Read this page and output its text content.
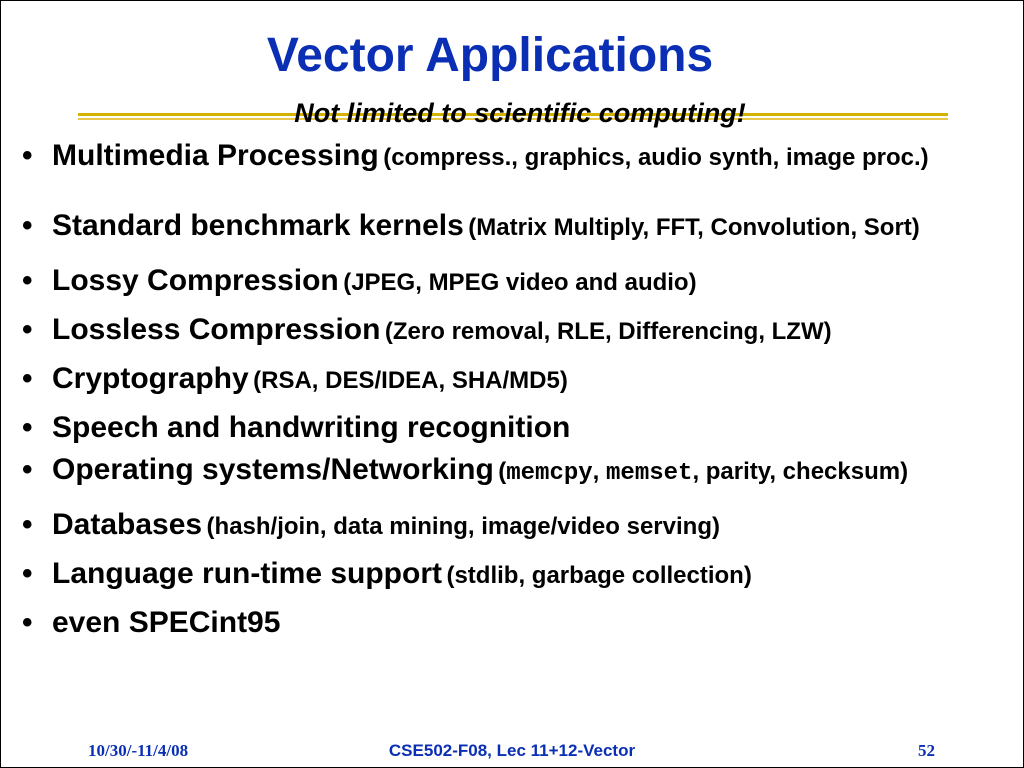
Vector Applications
Not limited to scientific computing!
• Multimedia Processing (compress., graphics, audio synth, image proc.)
• Standard benchmark kernels (Matrix Multiply, FFT, Convolution, Sort)
• Lossy Compression (JPEG, MPEG video and audio)
• Lossless Compression (Zero removal, RLE, Differencing, LZW)
• Cryptography (RSA, DES/IDEA, SHA/MD5)
• Speech and handwriting recognition
• Operating systems/Networking (memcpy, memset, parity, checksum)
• Databases (hash/join, data mining, image/video serving)
• Language run-time support (stdlib, garbage collection)
• even SPECint95
10/30/-11/4/08	CSE502-F08, Lec 11+12-Vector	52
